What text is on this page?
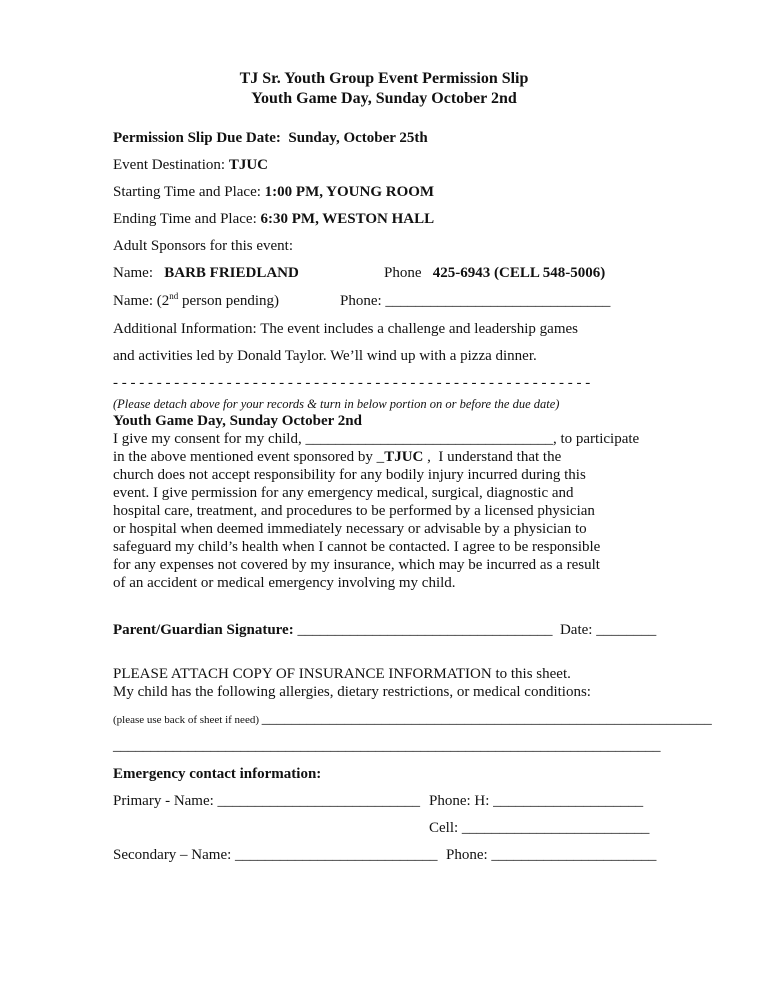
TJ Sr. Youth Group Event Permission Slip
Youth Game Day, Sunday October 2nd
Permission Slip Due Date:  Sunday, October 25th
Event Destination: TJUC
Starting Time and Place: 1:00 PM, YOUNG ROOM
Ending Time and Place: 6:30 PM, WESTON HALL
Adult Sponsors for this event:
Name:   BARB FRIEDLAND	Phone   425-6943 (CELL 548-5006)
Name: (2nd person pending)	Phone: ______________________________
Additional Information: The event includes a challenge and leadership games
and activities led by Donald Taylor. We’ll wind up with a pizza dinner.
- - - - - - - - - - - - - - - - - - - - - - - - - - - - - - - - - - - - - - - - - - - - - - - - - - - - - - -
(Please detach above for your records & turn in below portion on or before the due date)
Youth Game Day, Sunday October 2nd
I give my consent for my child, _________________________________, to participate
in the above mentioned event sponsored by _TJUC ,  I understand that the
church does not accept responsibility for any bodily injury incurred during this
event. I give permission for any emergency medical, surgical, diagnostic and
hospital care, treatment, and procedures to be performed by a licensed physician
or hospital when deemed immediately necessary or advisable by a physician to
safeguard my child’s health when I cannot be contacted. I agree to be responsible
for any expenses not covered by my insurance, which may be incurred as a result
of an accident or medical emergency involving my child.
Parent/Guardian Signature: __________________________________  Date: ________
PLEASE ATTACH COPY OF INSURANCE INFORMATION to this sheet.
My child has the following allergies, dietary restrictions, or medical conditions:
(please use back of sheet if need) ____________________________________________________________
_________________________________________________________________________
Emergency contact information:
Primary - Name: ___________________________ Phone: H: ____________________
Cell: _________________________
Secondary – Name: ___________________________ Phone: ______________________
